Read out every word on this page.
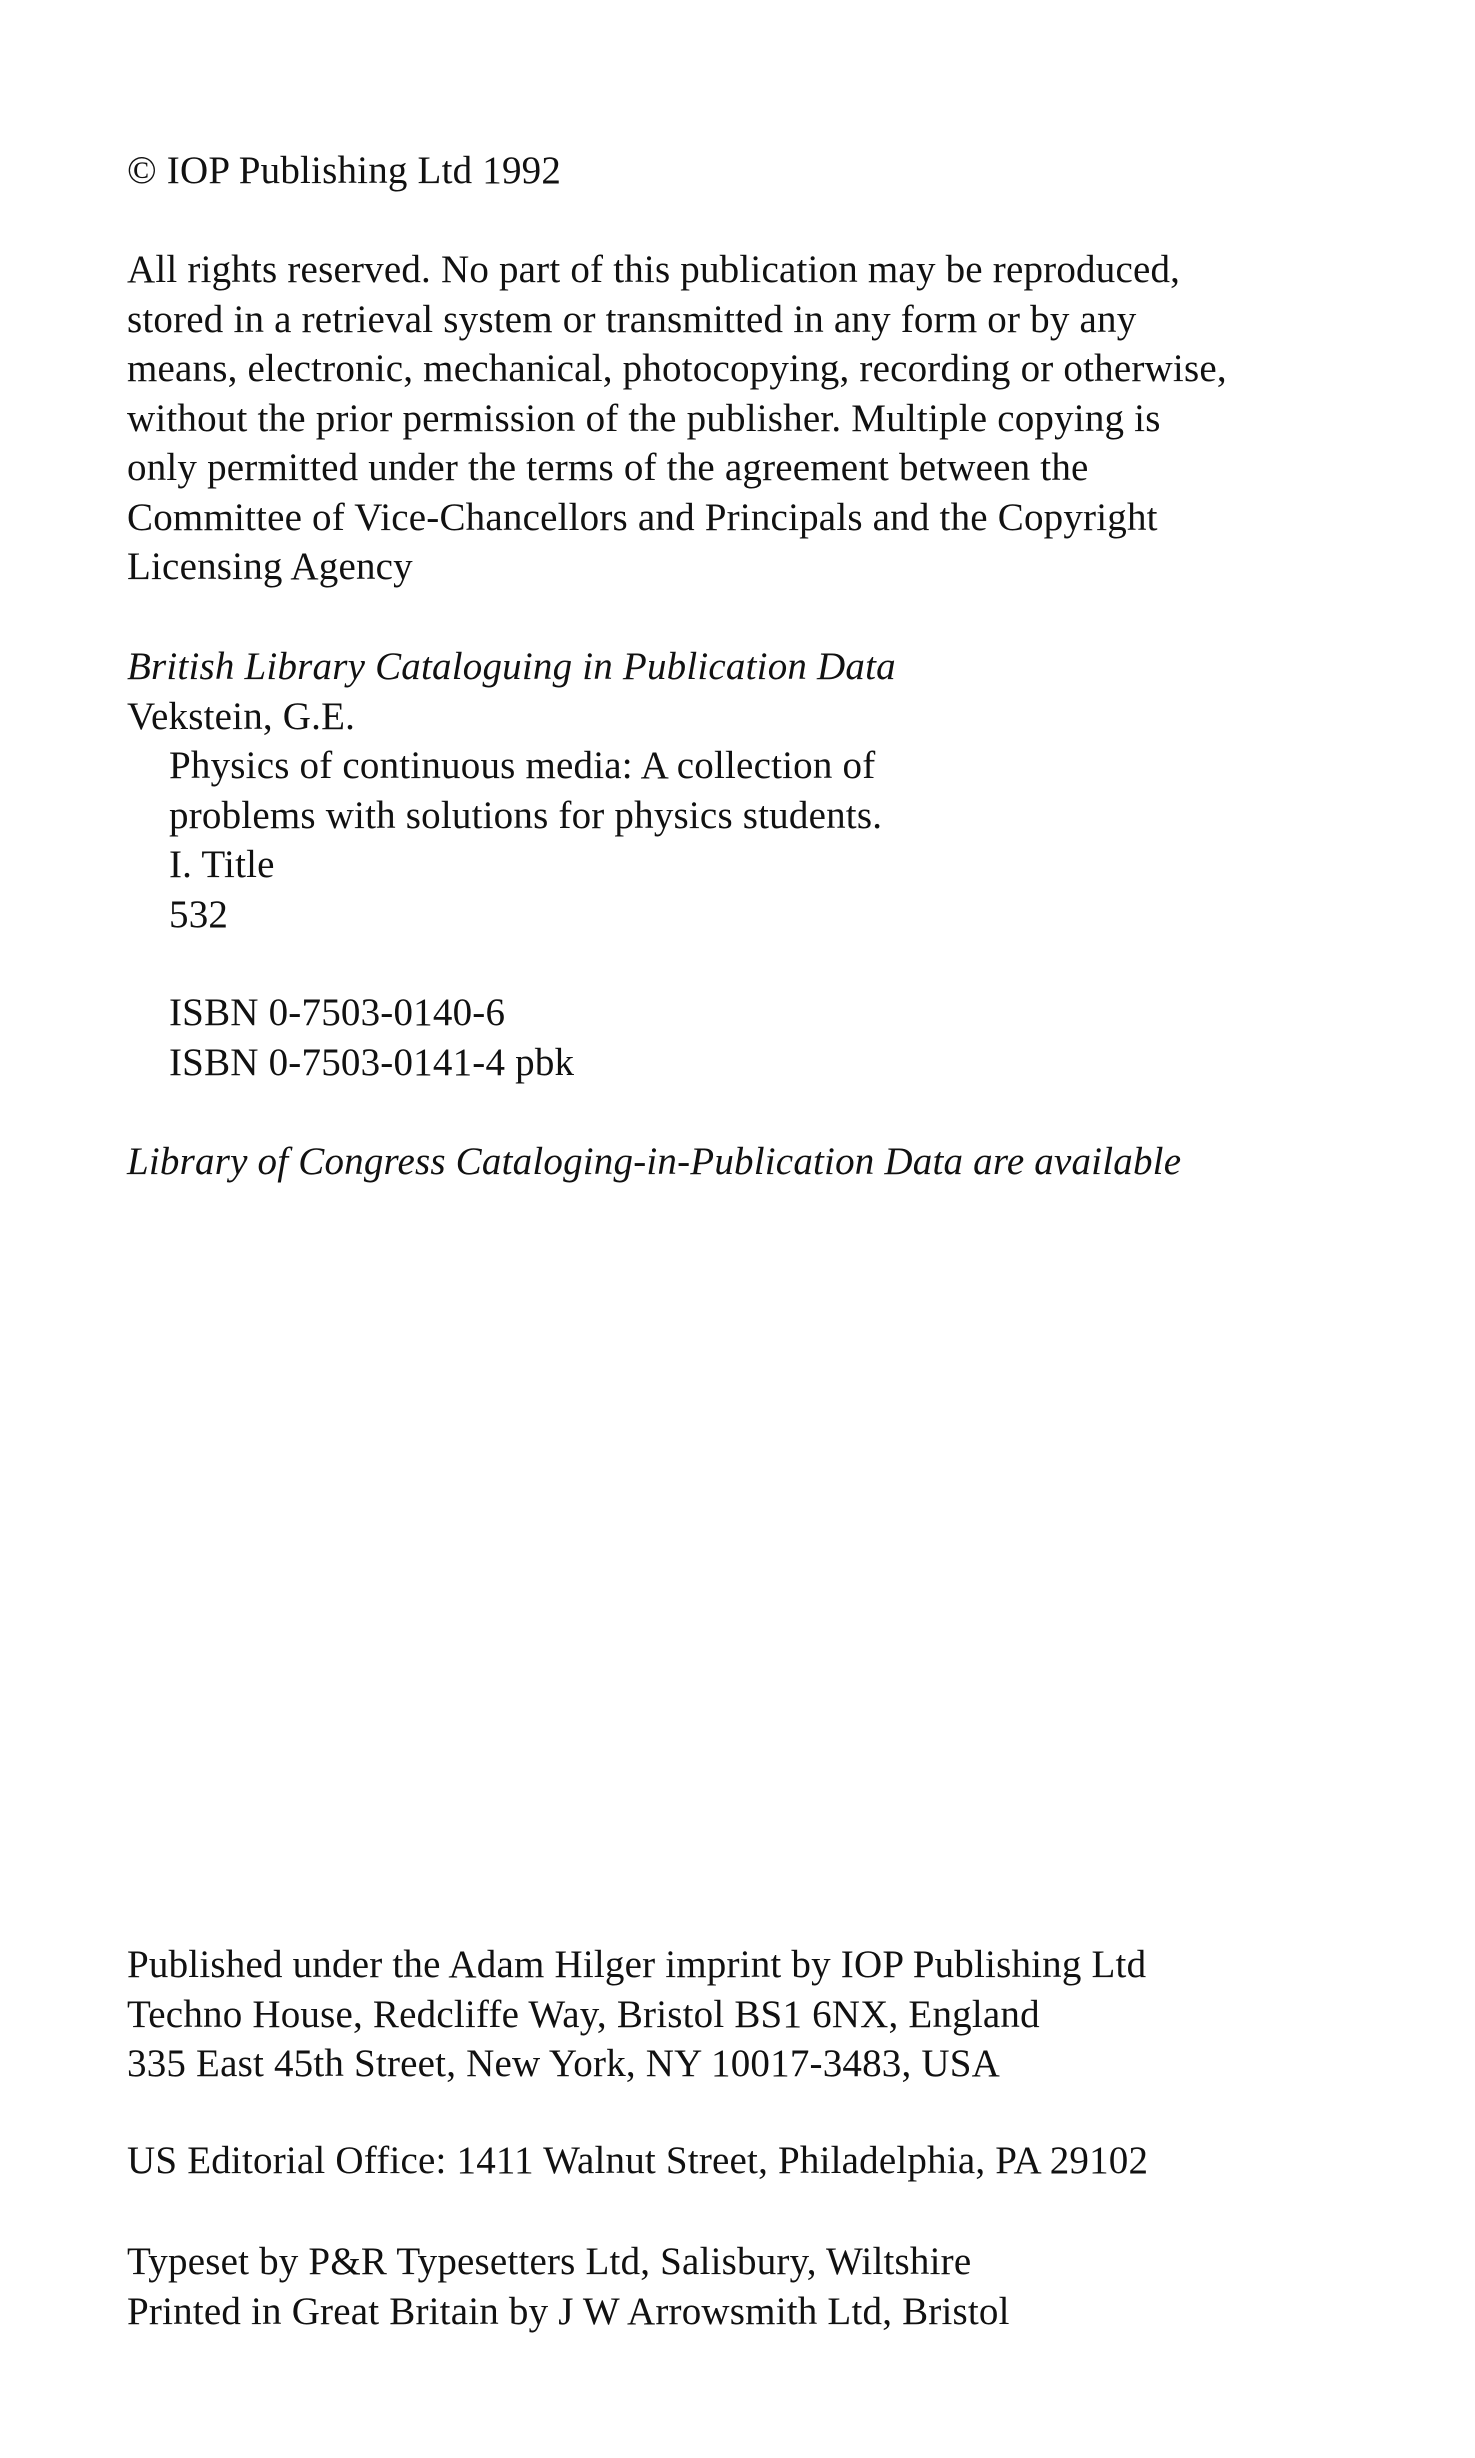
© IOP Publishing Ltd 1992
All rights reserved. No part of this publication may be reproduced,
stored in a retrieval system or transmitted in any form or by any
means, electronic, mechanical, photocopying, recording or otherwise,
without the prior permission of the publisher. Multiple copying is
only permitted under the terms of the agreement between the
Committee of Vice-Chancellors and Principals and the Copyright
Licensing Agency
British Library Cataloguing in Publication Data
Vekstein, G.E.
Physics of continuous media: A collection of
problems with solutions for physics students.
I. Title
532
ISBN 0-7503-0140-6
ISBN 0-7503-0141-4 pbk
Library of Congress Cataloging-in-Publication Data are available
Published under the Adam Hilger imprint by IOP Publishing Ltd
Techno House, Redcliffe Way, Bristol BS1 6NX, England
335 East 45th Street, New York, NY 10017-3483, USA
US Editorial Office: 1411 Walnut Street, Philadelphia, PA 29102
Typeset by P&R Typesetters Ltd, Salisbury, Wiltshire
Printed in Great Britain by J W Arrowsmith Ltd, Bristol
